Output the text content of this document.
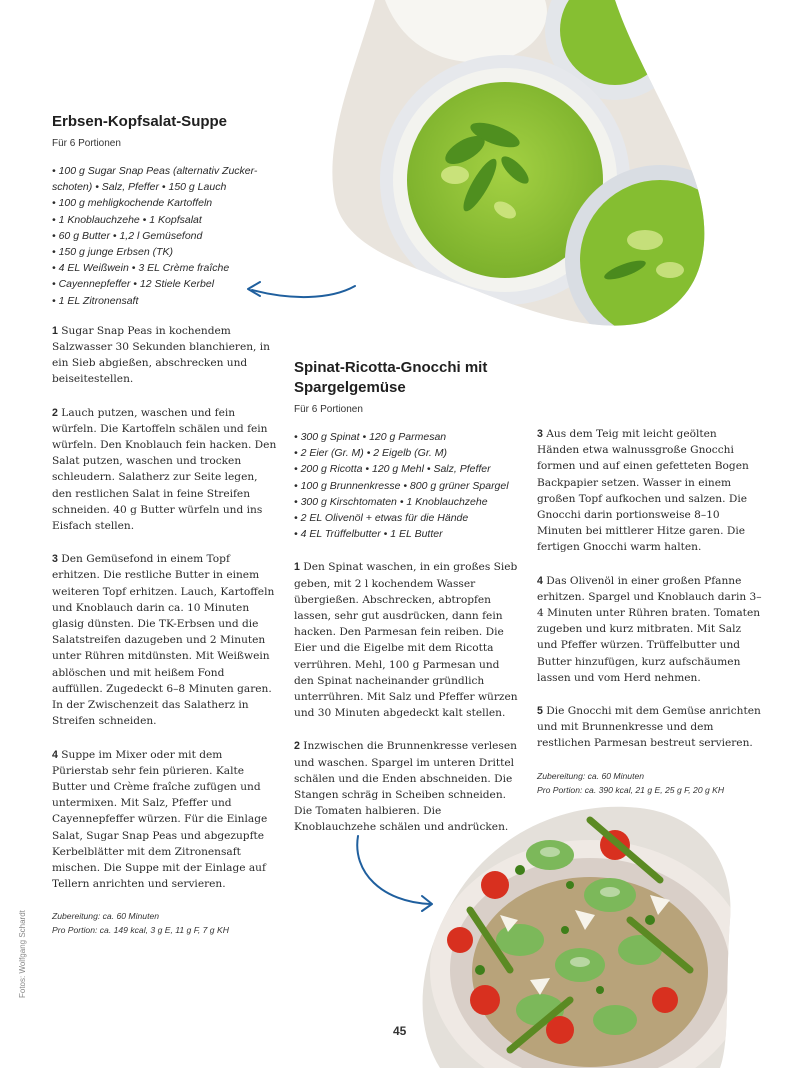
Erbsen-Kopfsalat-Suppe
Für 6 Portionen
• 100 g Sugar Snap Peas (alternativ Zucker-
schoten) • Salz, Pfeffer • 150 g Lauch
• 100 g mehligkochende Kartoffeln
• 1 Knoblauchzehe • 1 Kopfsalat
• 60 g Butter • 1,2 l Gemüsefond
• 150 g junge Erbsen (TK)
• 4 EL Weißwein • 3 EL Crème fraîche
• Cayennepfeffer • 12 Stiele Kerbel
• 1 EL Zitronensaft

1 Sugar Snap Peas in kochendem Salzwasser 30 Sekunden blanchieren, in ein Sieb abgießen, abschrecken und beiseitestellen.

2 Lauch putzen, waschen und fein würfeln. Die Kartoffeln schälen und fein würfeln. Den Knoblauch fein hacken. Den Salat putzen, waschen und trocken schleudern. Salatherz zur Seite legen, den restlichen Salat in feine Streifen schneiden. 40 g Butter würfeln und ins Eisfach stellen.

3 Den Gemüsefond in einem Topf erhitzen. Die restliche Butter in einem weiteren Topf erhitzen. Lauch, Kartoffeln und Knoblauch darin ca. 10 Minuten glasig dünsten. Die TK-Erbsen und die Salatstreifen dazugeben und 2 Minuten unter Rühren mitdünsten. Mit Weißwein ablöschen und mit heißem Fond auffüllen. Zugedeckt 6–8 Minuten garen. In der Zwischenzeit das Salatherz in Streifen schneiden.

4 Suppe im Mixer oder mit dem Pürierstab sehr fein pürieren. Kalte Butter und Crème fraîche zufügen und untermixen. Mit Salz, Pfeffer und Cayennepfeffer würzen. Für die Einlage Salat, Sugar Snap Peas und abgezupfte Kerbelblätter mit dem Zitronensaft mischen. Die Suppe mit der Einlage auf Tellern anrichten und servieren.

Zubereitung: ca. 60 Minuten
Pro Portion: ca. 149 kcal, 3 g E, 11 g F, 7 g KH
Spinat-Ricotta-Gnocchi mit Spargelgemüse
Für 6 Portionen
• 300 g Spinat • 120 g Parmesan
• 2 Eier (Gr. M) • 2 Eigelb (Gr. M)
• 200 g Ricotta • 120 g Mehl • Salz, Pfeffer
• 100 g Brunnenkresse • 800 g grüner Spargel
• 300 g Kirschtomaten • 1 Knoblauchzehe
• 2 EL Olivenöl + etwas für die Hände
• 4 EL Trüffelbutter • 1 EL Butter

1 Den Spinat waschen, in ein großes Sieb geben, mit 2 l kochendem Wasser übergießen. Abschrecken, abtropfen lassen, sehr gut ausdrücken, dann fein hacken. Den Parmesan fein reiben. Die Eier und die Eigelbe mit dem Ricotta verrühren. Mehl, 100 g Parmesan und den Spinat nacheinander gründlich unterrühren. Mit Salz und Pfeffer würzen und 30 Minuten abgedeckt kalt stellen.

2 Inzwischen die Brunnenkresse verlesen und waschen. Spargel im unteren Drittel schälen und die Enden abschneiden. Die Stangen schräg in Scheiben schneiden. Die Tomaten halbieren. Die Knoblauchzehe schälen und andrücken.

3 Aus dem Teig mit leicht geölten Händen etwa walnussgroße Gnocchi formen und auf einen gefetteten Bogen Backpapier setzen. Wasser in einem großen Topf aufkochen und salzen. Die Gnocchi darin portionsweise 8–10 Minuten bei mittlerer Hitze garen. Die fertigen Gnocchi warm halten.

4 Das Olivenöl in einer großen Pfanne erhitzen. Spargel und Knoblauch darin 3–4 Minuten unter Rühren braten. Tomaten zugeben und kurz mitbraten. Mit Salz und Pfeffer würzen. Trüffelbutter und Butter hinzufügen, kurz aufschäumen lassen und vom Herd nehmen.

5 Die Gnocchi mit dem Gemüse anrichten und mit Brunnenkresse und dem restlichen Parmesan bestreut servieren.

Zubereitung: ca. 60 Minuten
Pro Portion: ca. 390 kcal, 21 g E, 25 g F, 20 g KH
Fotos: Wolfgang Schardt
45
